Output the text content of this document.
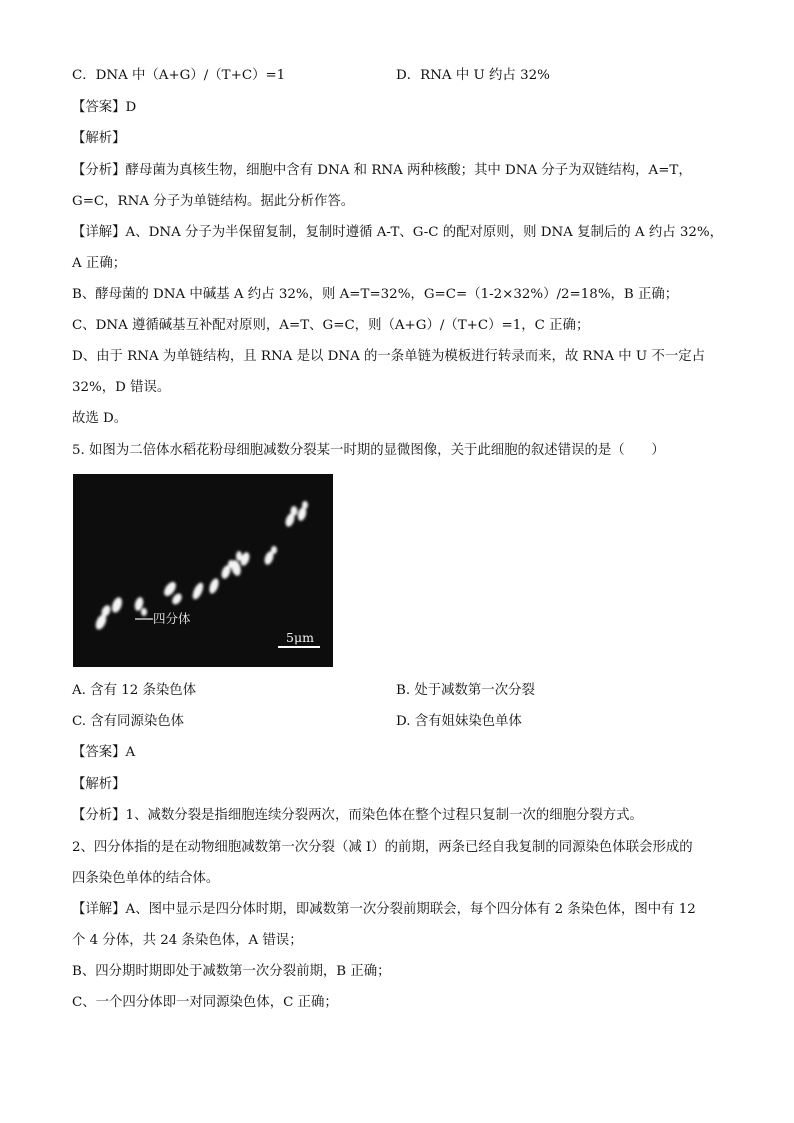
C．DNA 中（A+G）/（T+C）=1	D．RNA 中 U 约占 32%
【答案】D
【解析】
【分析】酵母菌为真核生物，细胞中含有 DNA 和 RNA 两种核酸；其中 DNA 分子为双链结构，A=T，
G=C，RNA 分子为单链结构。据此分析作答。
【详解】A、DNA 分子为半保留复制，复制时遵循 A-T、G-C 的配对原则，则 DNA 复制后的 A 约占 32%，
A 正确；
B、酵母菌的 DNA 中碱基 A 约占 32%，则 A=T=32%，G=C=（1-2×32%）/2=18%，B 正确；
C、DNA 遵循碱基互补配对原则，A=T、G=C，则（A+G）/（T+C）=1，C 正确；
D、由于 RNA 为单链结构，且 RNA 是以 DNA 的一条单链为模板进行转录而来，故 RNA 中 U 不一定占
32%，D 错误。
故选 D。
5. 如图为二倍体水稻花粉母细胞减数分裂某一时期的显微图像，关于此细胞的叙述错误的是（　　）
四分体
5μm
A. 含有 12 条染色体	B. 处于减数第一次分裂
C. 含有同源染色体	D. 含有姐妹染色单体
【答案】A
【解析】
【分析】1、减数分裂是指细胞连续分裂两次，而染色体在整个过程只复制一次的细胞分裂方式。
2、四分体指的是在动物细胞减数第一次分裂（减 I）的前期，两条已经自我复制的同源染色体联会形成的
四条染色单体的结合体。
【详解】A、图中显示是四分体时期，即减数第一次分裂前期联会，每个四分体有 2 条染色体，图中有 12
个 4 分体，共 24 条染色体，A 错误；
B、四分期时期即处于减数第一次分裂前期，B 正确；
C、一个四分体即一对同源染色体，C 正确；
